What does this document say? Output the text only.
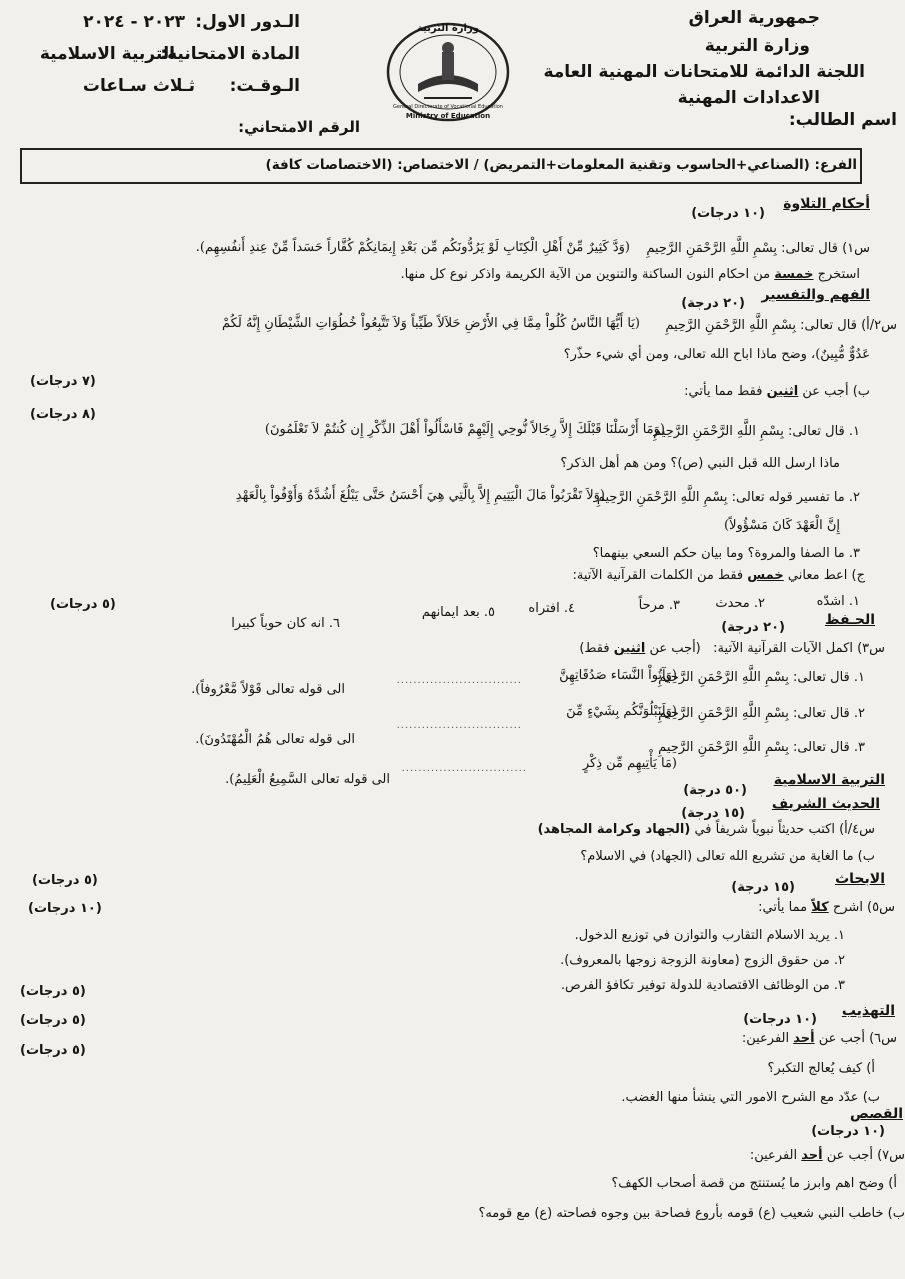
جمهورية العراق
وزارة التربية
اللجنة الدائمة للامتحانات المهنية العامة
الاعدادات المهنية
اسم الطالب:
وزارة التربية
General Directorate of Vocational Education
Ministry of Education
الـدور الاول:
٢٠٢٣ - ٢٠٢٤
المادة الامتحانية:
التربية الاسلامية
الـوقـت:
ثـلاث سـاعات
الرقم الامتحاني:
الفرع: (الصناعي+الحاسوب وتقنية المعلومات+التمريض) / الاختصاص: (الاختصاصات كافة)
أحكام التلاوة
(١٠ درجات)
س١) قال تعالى: بِسْمِ اللَّهِ الرَّحْمَنِ الرَّحِيمِ
(وَدَّ كَثِيرٌ مِّنْ أَهْلِ الْكِتَابِ لَوْ يَرُدُّونَكُم مِّن بَعْدِ إِيمَانِكُمْ كُفَّاراً حَسَداً مِّنْ عِندِ أَنفُسِهِم).
استخرج خمسة من احكام النون الساكنة والتنوين من الآية الكريمة واذكر نوع كل منها.
الفهم والتفسير
(٢٠ درجة)
س٢/أ) قال تعالى: بِسْمِ اللَّهِ الرَّحْمَنِ الرَّحِيمِ
(يَا أَيُّهَا النَّاسُ كُلُواْ مِمَّا فِي الأَرْضِ حَلاَلاً طَيِّباً وَلاَ تَتَّبِعُواْ خُطُوَاتِ الشَّيْطَانِ إِنَّهُ لَكُمْ
عَدُوٌّ مُّبِينٌ)، وضح ماذا اباح الله تعالى، ومن أي شيء حذّر؟
(٧ درجات)
ب) أجب عن اثنين فقط مما يأتي:
(٨ درجات)
١. قال تعالى: بِسْمِ اللَّهِ الرَّحْمَنِ الرَّحِيمِ
(وَمَا أَرْسَلْنَا قَبْلَكَ إِلاَّ رِجَالاً نُّوحِي إِلَيْهِمْ فَاسْأَلُواْ أَهْلَ الذِّكْرِ إِن كُنتُمْ لاَ تَعْلَمُونَ)
ماذا ارسل الله قبل النبي (ص)؟ ومن هم أهل الذكر؟
٢. ما تفسير قوله تعالى: بِسْمِ اللَّهِ الرَّحْمَنِ الرَّحِيمِ
(وَلاَ تَقْرَبُواْ مَالَ الْيَتِيمِ إِلاَّ بِالَّتِي هِيَ أَحْسَنُ حَتَّى يَبْلُغَ أَشُدَّهُ وَأَوْفُواْ بِالْعَهْدِ
إِنَّ الْعَهْدَ كَانَ مَسْؤُولاً)
٣. ما الصفا والمروة؟ وما بيان حكم السعي بينهما؟
ج) اعط معاني خمس فقط من الكلمات القرآنية الآتية:
(٥ درجات)	١. اشدّه
٢. محدث
٣. مرحاً
٤. افتراه
٥. بعد ايمانهم
٦. انه كان حوباً كبيرا	الحـفظ
(٢٠ درجة)
س٣) اكمل الآيات القرآنية الآتية:   (أجب عن اثنين فقط)
١. قال تعالى: بِسْمِ اللَّهِ الرَّحْمَنِ الرَّحِيمِ
(وَآتُواْ النَّسَاء صَدُقَاتِهِنَّ
..............................
الى قوله تعالى قَوْلاً مَّعْرُوفاً).
٢. قال تعالى: بِسْمِ اللَّهِ الرَّحْمَنِ الرَّحِيمِ
(وَلَنَبْلُوَنَّكُم بِشَيْءٍ مِّنَ
..............................
الى قوله تعالى هُمُ الْمُهْتَدُونَ).
٣. قال تعالى: بِسْمِ اللَّهِ الرَّحْمَنِ الرَّحِيمِ
(مَا يَأْتِيهِم مِّن ذِكْرٍ
..............................
الى قوله تعالى السَّمِيعُ الْعَلِيمُ).	التربية الاسلامية
(٥٠ درجة)
الحديث الشريف
(١٥ درجة)
س٤/أ) اكتب حديثاً نبوياً شريفاً في (الجهاد وكرامة المجاهد)
ب) ما الغاية من تشريع الله تعالى (الجهاد) في الاسلام؟
(٥ درجات)
(١٠ درجات)
الابحاث
(١٥ درجة)
س٥) اشرح كلاً مما يأتي:
١. يريد الاسلام التقارب والتوازن في توزيع الدخول.
٢. من حقوق الزوج (معاونة الزوجة زوجها بالمعروف).
٣. من الوظائف الاقتصادية للدولة توفير تكافؤ الفرص.
(٥ درجات)
(٥ درجات)
(٥ درجات)
التهذيب
(١٠ درجات)
س٦) أجب عن أحد الفرعين:
أ) كيف يُعالج التكبر؟
ب) عدّد مع الشرح الامور التي ينشأ منها الغضب.
القصص
(١٠ درجات)
س٧) أجب عن أحد الفرعين:
أ) وضح اهم وابرز ما يُستنتج من قصة أصحاب الكهف؟
ب) خاطب النبي شعيب (ع) قومه بأروع فصاحة بين وجوه فصاحته (ع) مع قومه؟
